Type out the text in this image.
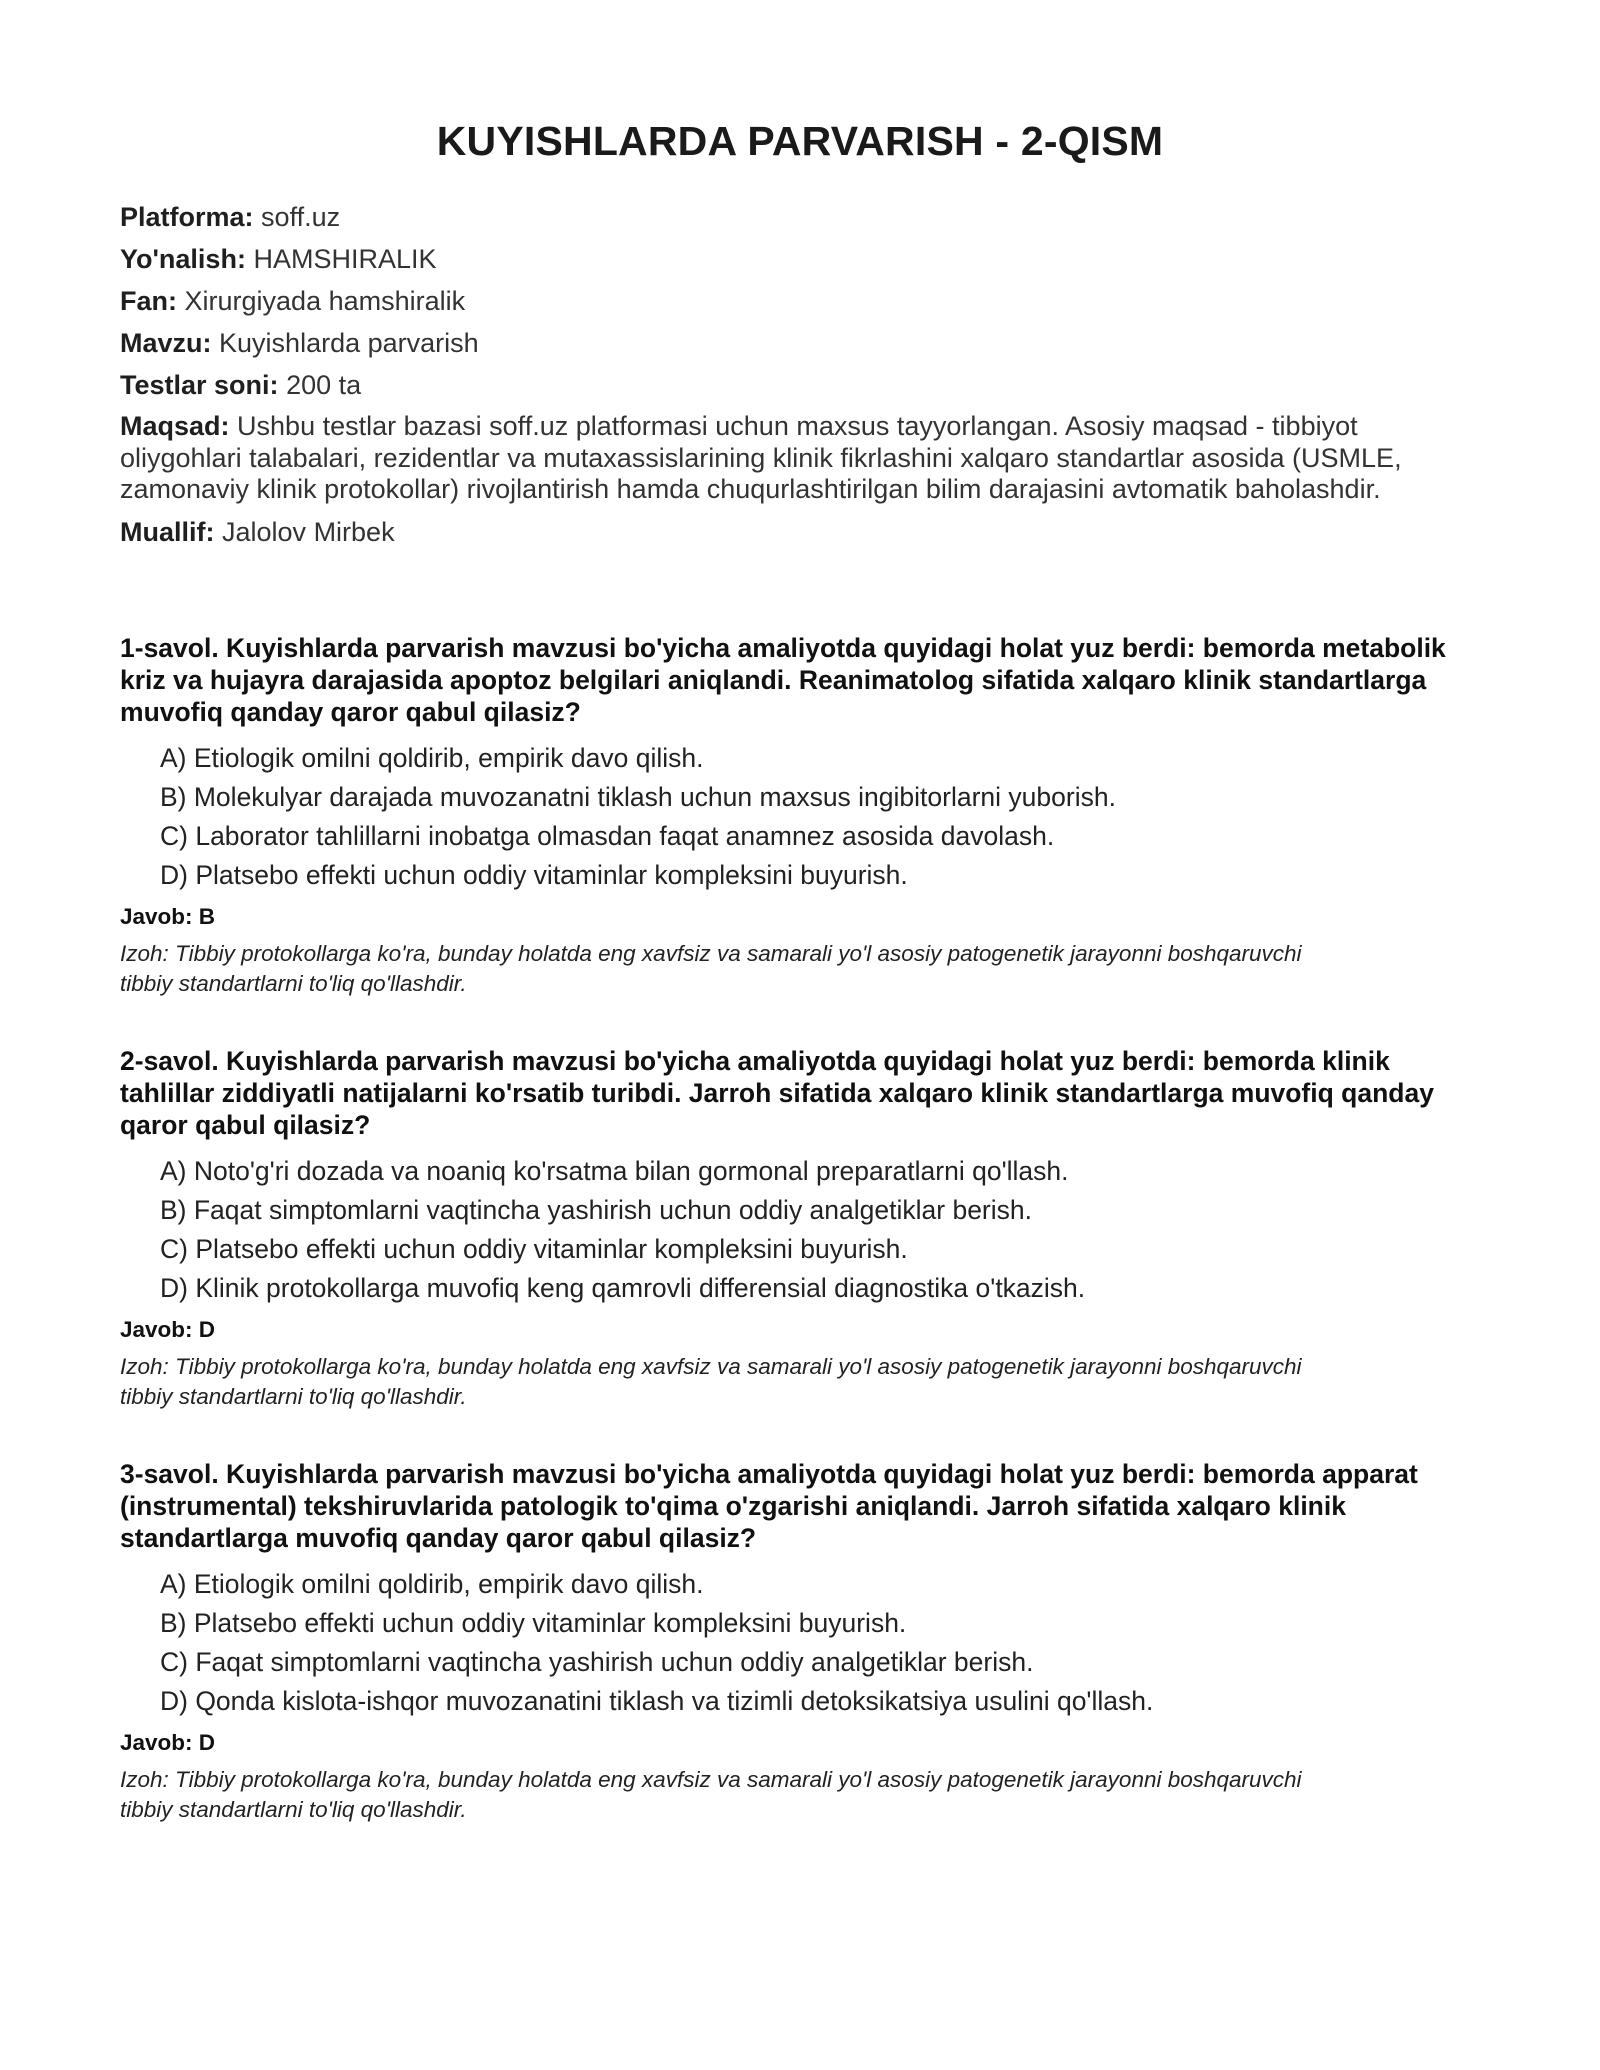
KUYISHLARDA PARVARISH - 2-QISM
Platforma: soff.uz
Yo'nalish: HAMSHIRALIK
Fan: Xirurgiyada hamshiralik
Mavzu: Kuyishlarda parvarish
Testlar soni: 200 ta
Maqsad: Ushbu testlar bazasi soff.uz platformasi uchun maxsus tayyorlangan. Asosiy maqsad - tibbiyot oliygohlari talabalari, rezidentlar va mutaxassislarining klinik fikrlashini xalqaro standartlar asosida (USMLE, zamonaviy klinik protokollar) rivojlantirish hamda chuqurlashtirilgan bilim darajasini avtomatik baholashdir.
Muallif: Jalolov Mirbek
1-savol. Kuyishlarda parvarish mavzusi bo'yicha amaliyotda quyidagi holat yuz berdi: bemorda metabolik kriz va hujayra darajasida apoptoz belgilari aniqlandi. Reanimatolog sifatida xalqaro klinik standartlarga muvofiq qanday qaror qabul qilasiz?
A) Etiologik omilni qoldirib, empirik davo qilish.
B) Molekulyar darajada muvozanatni tiklash uchun maxsus ingibitorlarni yuborish.
C) Laborator tahlillarni inobatga olmasdan faqat anamnez asosida davolash.
D) Platsebo effekti uchun oddiy vitaminlar kompleksini buyurish.
Javob: B
Izoh: Tibbiy protokollarga ko'ra, bunday holatda eng xavfsiz va samarali yo'l asosiy patogenetik jarayonni boshqaruvchi tibbiy standartlarni to'liq qo'llashdir.
2-savol. Kuyishlarda parvarish mavzusi bo'yicha amaliyotda quyidagi holat yuz berdi: bemorda klinik tahlillar ziddiyatli natijalarni ko'rsatib turibdi. Jarroh sifatida xalqaro klinik standartlarga muvofiq qanday qaror qabul qilasiz?
A) Noto'g'ri dozada va noaniq ko'rsatma bilan gormonal preparatlarni qo'llash.
B) Faqat simptomlarni vaqtincha yashirish uchun oddiy analgetiklar berish.
C) Platsebo effekti uchun oddiy vitaminlar kompleksini buyurish.
D) Klinik protokollarga muvofiq keng qamrovli differensial diagnostika o'tkazish.
Javob: D
Izoh: Tibbiy protokollarga ko'ra, bunday holatda eng xavfsiz va samarali yo'l asosiy patogenetik jarayonni boshqaruvchi tibbiy standartlarni to'liq qo'llashdir.
3-savol. Kuyishlarda parvarish mavzusi bo'yicha amaliyotda quyidagi holat yuz berdi: bemorda apparat (instrumental) tekshiruvlarida patologik to'qima o'zgarishi aniqlandi. Jarroh sifatida xalqaro klinik standartlarga muvofiq qanday qaror qabul qilasiz?
A) Etiologik omilni qoldirib, empirik davo qilish.
B) Platsebo effekti uchun oddiy vitaminlar kompleksini buyurish.
C) Faqat simptomlarni vaqtincha yashirish uchun oddiy analgetiklar berish.
D) Qonda kislota-ishqor muvozanatini tiklash va tizimli detoksikatsiya usulini qo'llash.
Javob: D
Izoh: Tibbiy protokollarga ko'ra, bunday holatda eng xavfsiz va samarali yo'l asosiy patogenetik jarayonni boshqaruvchi tibbiy standartlarni to'liq qo'llashdir.
